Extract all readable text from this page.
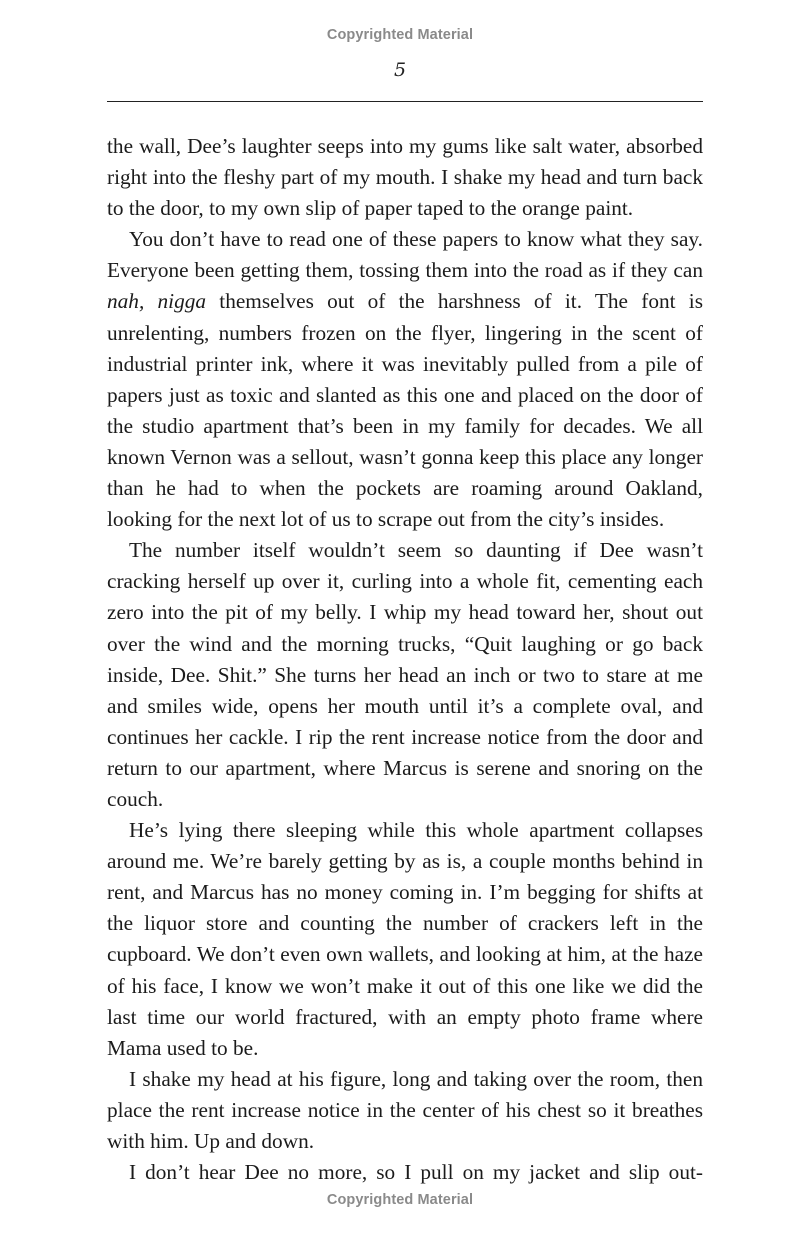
Copyrighted Material
5

the wall, Dee’s laughter seeps into my gums like salt water, absorbed right into the fleshy part of my mouth. I shake my head and turn back to the door, to my own slip of paper taped to the orange paint.

You don’t have to read one of these papers to know what they say. Everyone been getting them, tossing them into the road as if they can nah, nigga themselves out of the harshness of it. The font is unrelenting, numbers frozen on the flyer, lingering in the scent of industrial printer ink, where it was inevitably pulled from a pile of papers just as toxic and slanted as this one and placed on the door of the studio apartment that’s been in my family for decades. We all known Vernon was a sellout, wasn’t gonna keep this place any longer than he had to when the pockets are roaming around Oakland, looking for the next lot of us to scrape out from the city’s insides.

The number itself wouldn’t seem so daunting if Dee wasn’t cracking herself up over it, curling into a whole fit, cementing each zero into the pit of my belly. I whip my head toward her, shout out over the wind and the morning trucks, “Quit laughing or go back inside, Dee. Shit.” She turns her head an inch or two to stare at me and smiles wide, opens her mouth until it’s a complete oval, and continues her cackle. I rip the rent increase notice from the door and return to our apartment, where Marcus is serene and snoring on the couch.

He’s lying there sleeping while this whole apartment collapses around me. We’re barely getting by as is, a couple months behind in rent, and Marcus has no money coming in. I’m begging for shifts at the liquor store and counting the number of crackers left in the cupboard. We don’t even own wallets, and looking at him, at the haze of his face, I know we won’t make it out of this one like we did the last time our world fractured, with an empty photo frame where Mama used to be.

I shake my head at his figure, long and taking over the room, then place the rent increase notice in the center of his chest so it breathes with him. Up and down.

I don’t hear Dee no more, so I pull on my jacket and slip out-

Copyrighted Material
